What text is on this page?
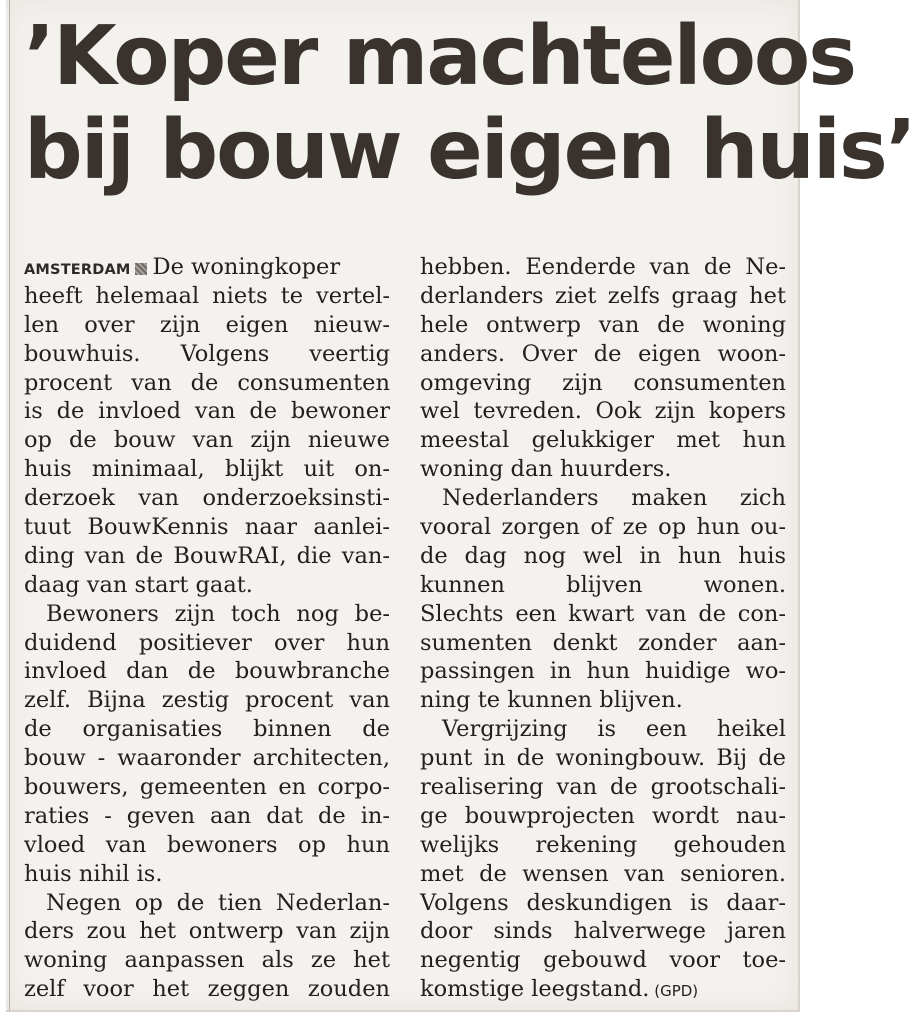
’Koper machteloos
bij bouw eigen huis’
AMSTERDAM De woningkoper
heeft helemaal niets te vertel-
len over zijn eigen nieuw-
bouwhuis. Volgens veertig
procent van de consumenten
is de invloed van de bewoner
op de bouw van zijn nieuwe
huis minimaal, blijkt uit on-
derzoek van onderzoeksinsti-
tuut BouwKennis naar aanlei-
ding van de BouwRAI, die van-
daag van start gaat.
Bewoners zijn toch nog be-
duidend positiever over hun
invloed dan de bouwbranche
zelf. Bijna zestig procent van
de organisaties binnen de
bouw - waaronder architecten,
bouwers, gemeenten en corpo-
raties - geven aan dat de in-
vloed van bewoners op hun
huis nihil is.
Negen op de tien Nederlan-
ders zou het ontwerp van zijn
woning aanpassen als ze het
zelf voor het zeggen zouden
hebben. Eenderde van de Ne-
derlanders ziet zelfs graag het
hele ontwerp van de woning
anders. Over de eigen woon-
omgeving zijn consumenten
wel tevreden. Ook zijn kopers
meestal gelukkiger met hun
woning dan huurders.
Nederlanders maken zich
vooral zorgen of ze op hun ou-
de dag nog wel in hun huis
kunnen blijven wonen.
Slechts een kwart van de con-
sumenten denkt zonder aan-
passingen in hun huidige wo-
ning te kunnen blijven.
Vergrijzing is een heikel
punt in de woningbouw. Bij de
realisering van de grootschali-
ge bouwprojecten wordt nau-
welijks rekening gehouden
met de wensen van senioren.
Volgens deskundigen is daar-
door sinds halverwege jaren
negentig gebouwd voor toe-
komstige leegstand. (GPD)
